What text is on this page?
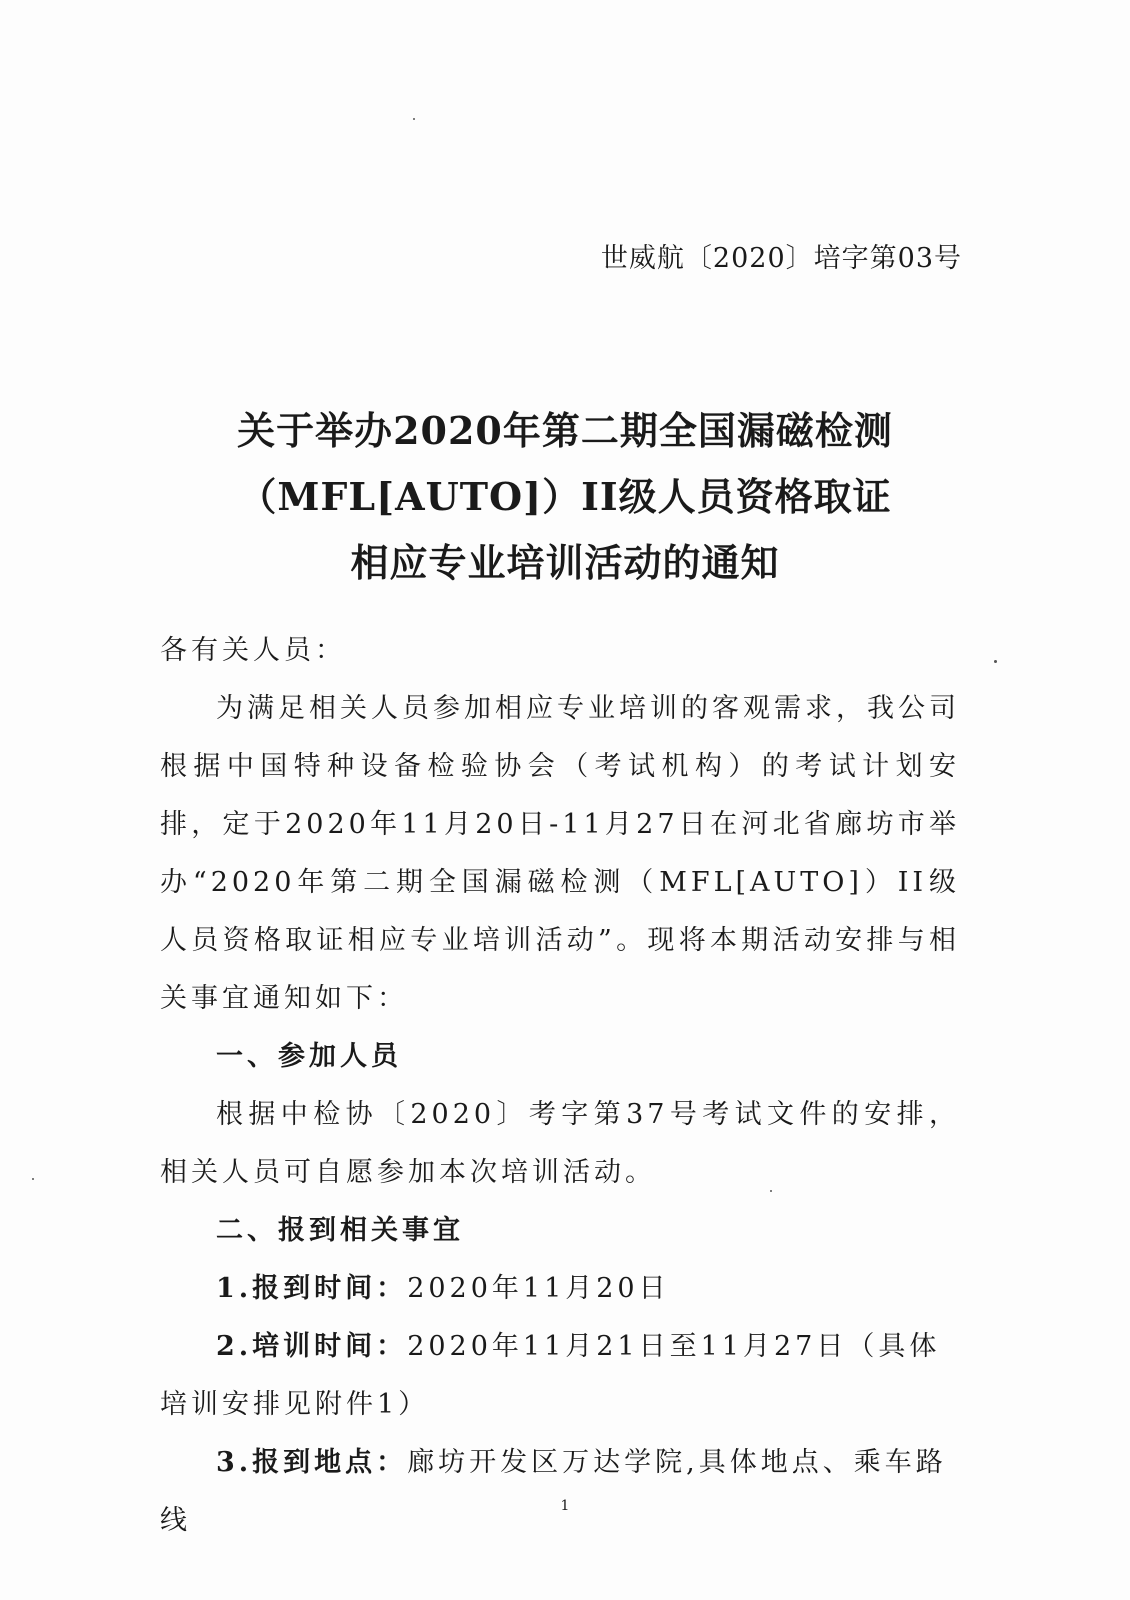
世威航〔2020〕培字第03号
关于举办2020年第二期全国漏磁检测
（MFL[AUTO]）II级人员资格取证
相应专业培训活动的通知
各有关人员：
为满足相关人员参加相应专业培训的客观需求，我公司根据中国特种设备检验协会（考试机构）的考试计划安排，定于2020年11月20日-11月27日在河北省廊坊市举办“2020年第二期全国漏磁检测（MFL[AUTO]）II级人员资格取证相应专业培训活动”。现将本期活动安排与相关事宜通知如下：
一、参加人员
根据中检协〔2020〕考字第37号考试文件的安排，相关人员可自愿参加本次培训活动。
二、报到相关事宜
1.报到时间：2020年11月20日
2.培训时间：2020年11月21日至11月27日（具体培训安排见附件1）
3.报到地点：廊坊开发区万达学院,具体地点、乘车路线	1
